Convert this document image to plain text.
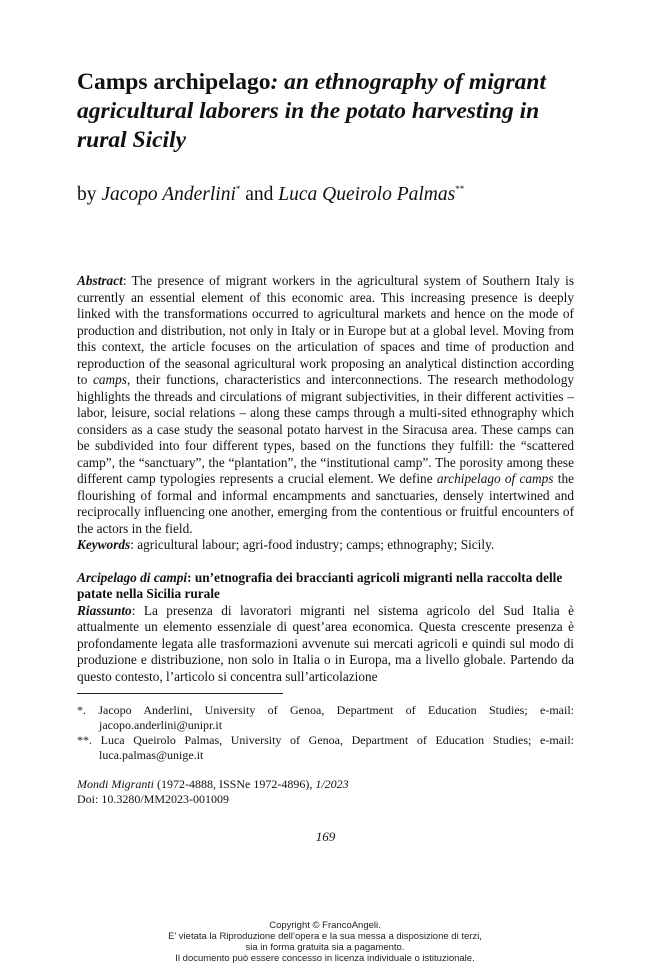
Camps archipelago: an ethnography of migrant agricultural laborers in the potato harvesting in rural Sicily
by Jacopo Anderlini* and Luca Queirolo Palmas**
Abstract: The presence of migrant workers in the agricultural system of Southern Italy is currently an essential element of this economic area. This increasing presence is deeply linked with the transformations occurred to agricultural markets and hence on the mode of production and distribution, not only in Italy or in Europe but at a global level. Moving from this context, the article focuses on the articulation of spaces and time of production and reproduction of the seasonal agricultural work proposing an analytical distinction according to camps, their functions, characteristics and interconnections. The research methodology highlights the threads and circulations of migrant subjectivities, in their different activities – labor, leisure, social relations – along these camps through a multi-sited ethnography which considers as a case study the seasonal potato harvest in the Siracusa area. These camps can be subdivided into four different types, based on the functions they fulfill: the “scattered camp”, the “sanctuary”, the “plantation”, the “institutional camp”. The porosity among these different camp typologies represents a crucial element. We define archipelago of camps the flourishing of formal and informal encampments and sanctuaries, densely intertwined and reciprocally influencing one another, emerging from the contentious or fruitful encounters of the actors in the field.
Keywords: agricultural labour; agri-food industry; camps; ethnography; Sicily.
Arcipelago di campi: un’etnografia dei braccianti agricoli migranti nella raccolta delle patate nella Sicilia rurale
Riassunto: La presenza di lavoratori migranti nel sistema agricolo del Sud Italia è attualmente un elemento essenziale di quest’area economica. Questa crescente presenza è profondamente legata alle trasformazioni avvenute sui mercati agricoli e quindi sul modo di produzione e distribuzione, non solo in Italia o in Europa, ma a livello globale. Partendo da questo contesto, l’articolo si concentra sull’articolazione
*. Jacopo Anderlini, University of Genoa, Department of Education Studies; e-mail: jacopo.anderlini@unipr.it
**. Luca Queirolo Palmas, University of Genoa, Department of Education Studies; e-mail: luca.palmas@unige.it
Mondi Migranti (1972-4888, ISSNe 1972-4896), 1/2023
Doi: 10.3280/MM2023-001009
169
Copyright © FrancoAngeli.
E’ vietata la Riproduzione dell’opera e la sua messa a disposizione di terzi,
sia in forma gratuita sia a pagamento.
Il documento può essere concesso in licenza individuale o istituzionale.
